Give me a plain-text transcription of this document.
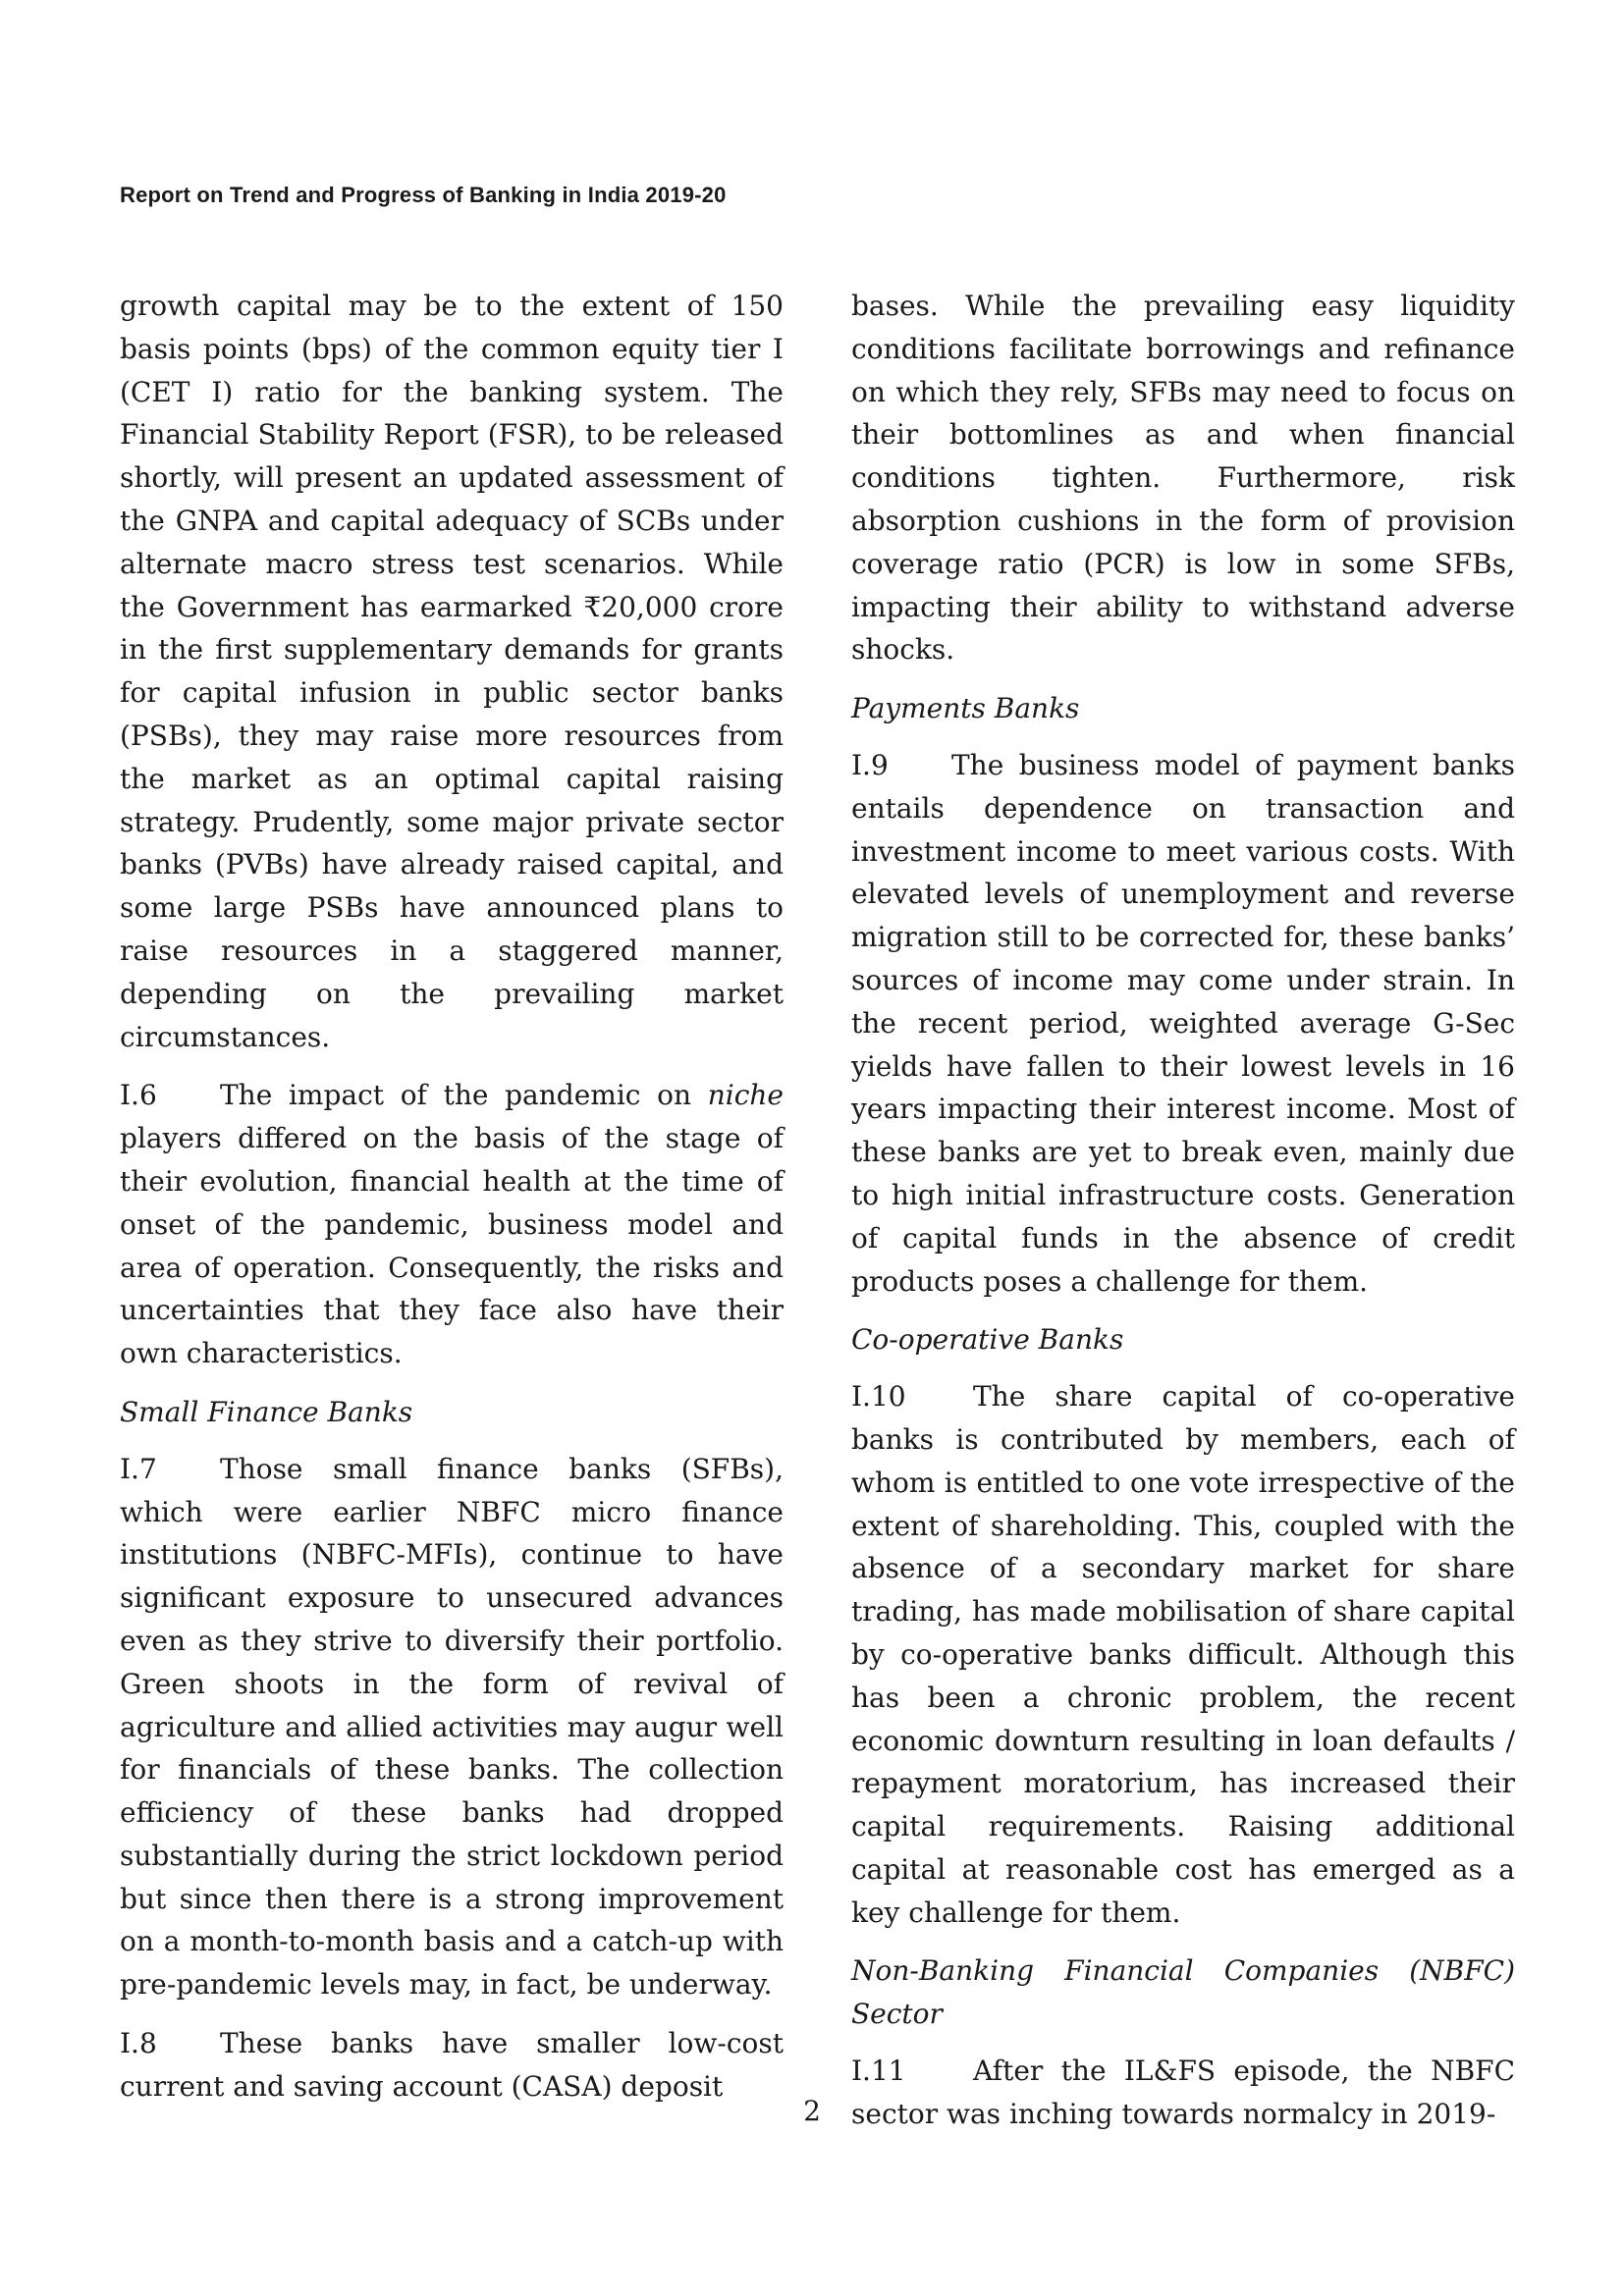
Report on Trend and Progress of Banking in India 2019-20

growth capital may be to the extent of 150 basis points (bps) of the common equity tier I (CET I) ratio for the banking system. The Financial Stability Report (FSR), to be released shortly, will present an updated assessment of the GNPA and capital adequacy of SCBs under alternate macro stress test scenarios. While the Government has earmarked ₹20,000 crore in the first supplementary demands for grants for capital infusion in public sector banks (PSBs), they may raise more resources from the market as an optimal capital raising strategy. Prudently, some major private sector banks (PVBs) have already raised capital, and some large PSBs have announced plans to raise resources in a staggered manner, depending on the prevailing market circumstances.

I.6 The impact of the pandemic on niche players differed on the basis of the stage of their evolution, financial health at the time of onset of the pandemic, business model and area of operation. Consequently, the risks and uncertainties that they face also have their own characteristics.

Small Finance Banks

I.7 Those small finance banks (SFBs), which were earlier NBFC micro finance institutions (NBFC-MFIs), continue to have significant exposure to unsecured advances even as they strive to diversify their portfolio. Green shoots in the form of revival of agriculture and allied activities may augur well for financials of these banks. The collection efficiency of these banks had dropped substantially during the strict lockdown period but since then there is a strong improvement on a month-to-month basis and a catch-up with pre-pandemic levels may, in fact, be underway.

I.8 These banks have smaller low-cost current and saving account (CASA) deposit

bases. While the prevailing easy liquidity conditions facilitate borrowings and refinance on which they rely, SFBs may need to focus on their bottomlines as and when financial conditions tighten. Furthermore, risk absorption cushions in the form of provision coverage ratio (PCR) is low in some SFBs, impacting their ability to withstand adverse shocks.

Payments Banks

I.9 The business model of payment banks entails dependence on transaction and investment income to meet various costs. With elevated levels of unemployment and reverse migration still to be corrected for, these banks’ sources of income may come under strain. In the recent period, weighted average G-Sec yields have fallen to their lowest levels in 16 years impacting their interest income. Most of these banks are yet to break even, mainly due to high initial infrastructure costs. Generation of capital funds in the absence of credit products poses a challenge for them.

Co-operative Banks

I.10 The share capital of co-operative banks is contributed by members, each of whom is entitled to one vote irrespective of the extent of shareholding. This, coupled with the absence of a secondary market for share trading, has made mobilisation of share capital by co-operative banks difficult. Although this has been a chronic problem, the recent economic downturn resulting in loan defaults / repayment moratorium, has increased their capital requirements. Raising additional capital at reasonable cost has emerged as a key challenge for them.

Non-Banking Financial Companies (NBFC) Sector

I.11 After the IL&FS episode, the NBFC sector was inching towards normalcy in 2019-

2
